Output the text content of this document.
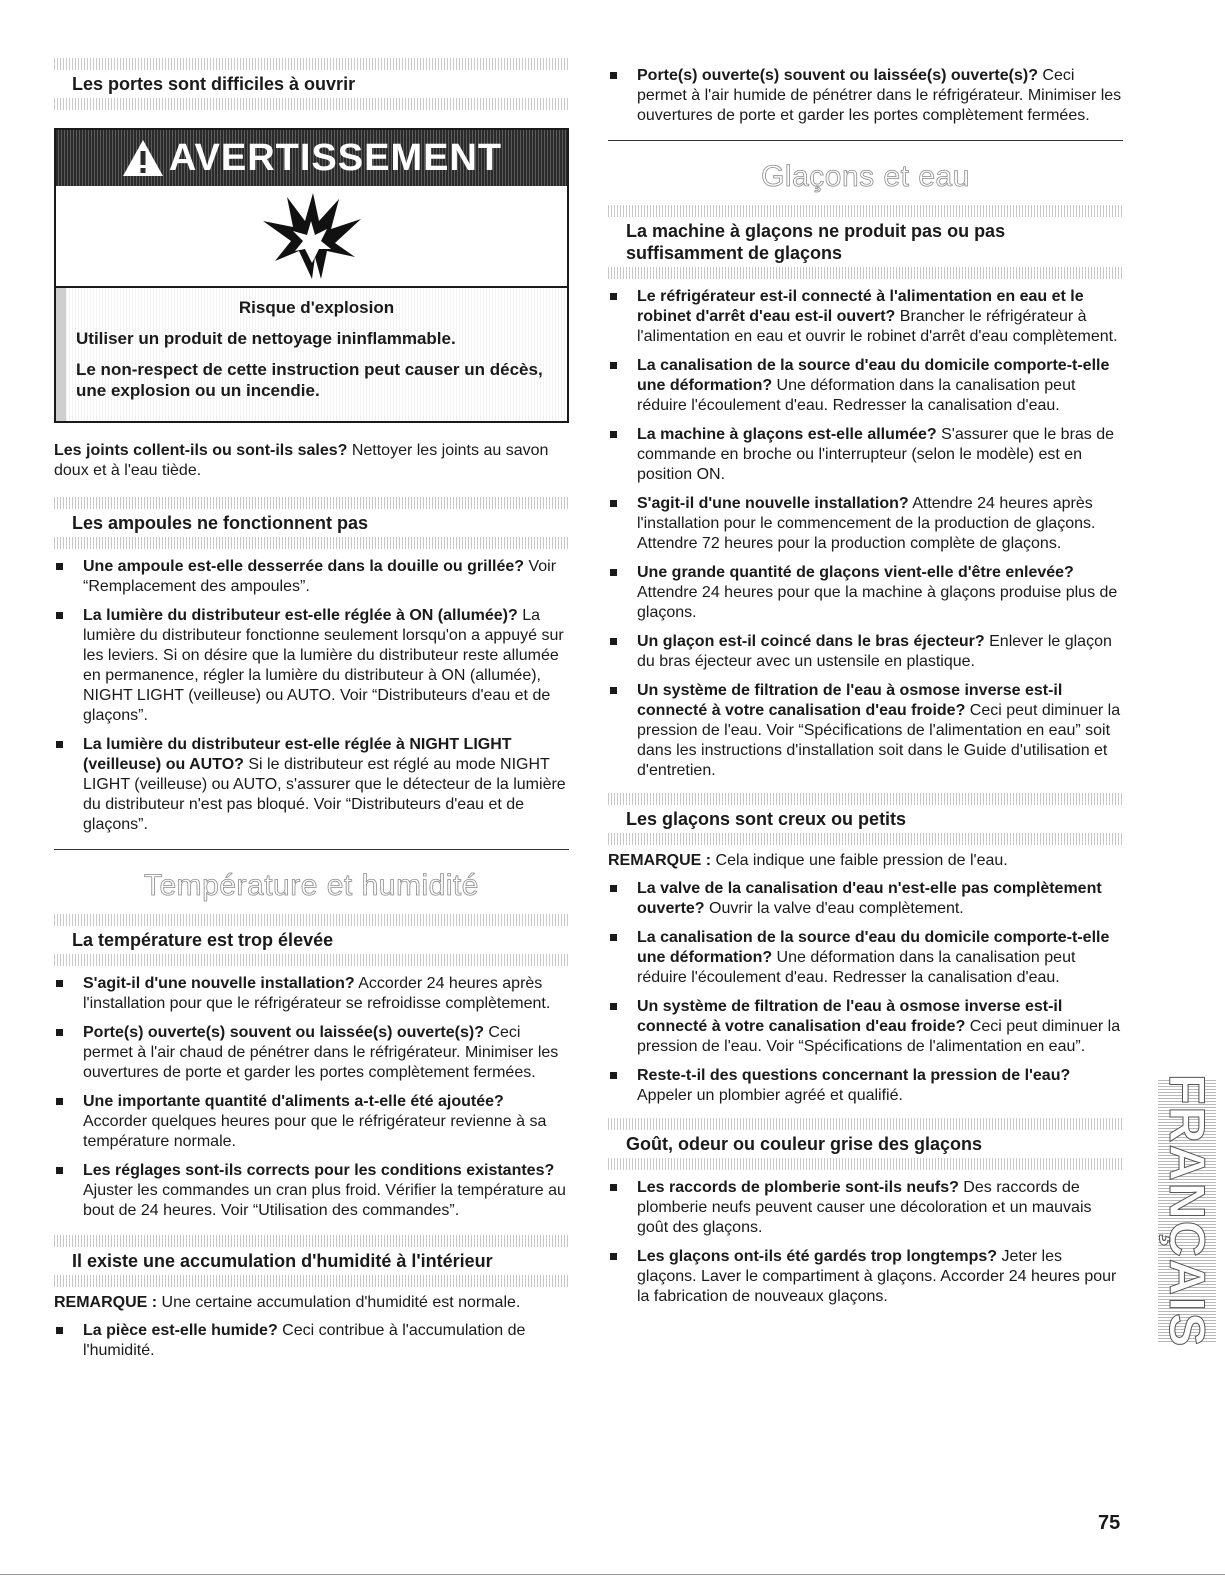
Les portes sont difficiles à ouvrir
AVERTISSEMENT
Risque d'explosion
Utiliser un produit de nettoyage ininflammable.
Le non-respect de cette instruction peut causer un décès, une explosion ou un incendie.
Les joints collent-ils ou sont-ils sales? Nettoyer les joints au savon doux et à l'eau tiède.
Les ampoules ne fonctionnent pas
Une ampoule est-elle desserrée dans la douille ou grillée? Voir “Remplacement des ampoules”.
La lumière du distributeur est-elle réglée à ON (allumée)? La lumière du distributeur fonctionne seulement lorsqu'on a appuyé sur les leviers. Si on désire que la lumière du distributeur reste allumée en permanence, régler la lumière du distributeur à ON (allumée), NIGHT LIGHT (veilleuse) ou AUTO. Voir “Distributeurs d'eau et de glaçons”.
La lumière du distributeur est-elle réglée à NIGHT LIGHT (veilleuse) ou AUTO? Si le distributeur est réglé au mode NIGHT LIGHT (veilleuse) ou AUTO, s'assurer que le détecteur de la lumière du distributeur n'est pas bloqué. Voir “Distributeurs d'eau et de glaçons”.
Température et humidité
La température est trop élevée
S'agit-il d'une nouvelle installation? Accorder 24 heures après l'installation pour que le réfrigérateur se refroidisse complètement.
Porte(s) ouverte(s) souvent ou laissée(s) ouverte(s)? Ceci permet à l'air chaud de pénétrer dans le réfrigérateur. Minimiser les ouvertures de porte et garder les portes complètement fermées.
Une importante quantité d'aliments a-t-elle été ajoutée? Accorder quelques heures pour que le réfrigérateur revienne à sa température normale.
Les réglages sont-ils corrects pour les conditions existantes? Ajuster les commandes un cran plus froid. Vérifier la température au bout de 24 heures. Voir “Utilisation des commandes”.
Il existe une accumulation d'humidité à l'intérieur
REMARQUE : Une certaine accumulation d'humidité est normale.
La pièce est-elle humide? Ceci contribue à l'accumulation de l'humidité.
Porte(s) ouverte(s) souvent ou laissée(s) ouverte(s)? Ceci permet à l'air humide de pénétrer dans le réfrigérateur. Minimiser les ouvertures de porte et garder les portes complètement fermées.
Glaçons et eau
La machine à glaçons ne produit pas ou pas suffisamment de glaçons
Le réfrigérateur est-il connecté à l'alimentation en eau et le robinet d'arrêt d'eau est-il ouvert? Brancher le réfrigérateur à l'alimentation en eau et ouvrir le robinet d'arrêt d'eau complètement.
La canalisation de la source d'eau du domicile comporte-t-elle une déformation? Une déformation dans la canalisation peut réduire l'écoulement d'eau. Redresser la canalisation d'eau.
La machine à glaçons est-elle allumée? S'assurer que le bras de commande en broche ou l'interrupteur (selon le modèle) est en position ON.
S'agit-il d'une nouvelle installation? Attendre 24 heures après l'installation pour le commencement de la production de glaçons. Attendre 72 heures pour la production complète de glaçons.
Une grande quantité de glaçons vient-elle d'être enlevée? Attendre 24 heures pour que la machine à glaçons produise plus de glaçons.
Un glaçon est-il coincé dans le bras éjecteur? Enlever le glaçon du bras éjecteur avec un ustensile en plastique.
Un système de filtration de l'eau à osmose inverse est-il connecté à votre canalisation d'eau froide? Ceci peut diminuer la pression de l'eau. Voir “Spécifications de l'alimentation en eau” soit dans les instructions d'installation soit dans le Guide d'utilisation et d'entretien.
Les glaçons sont creux ou petits
REMARQUE : Cela indique une faible pression de l'eau.
La valve de la canalisation d'eau n'est-elle pas complètement ouverte? Ouvrir la valve d'eau complètement.
La canalisation de la source d'eau du domicile comporte-t-elle une déformation? Une déformation dans la canalisation peut réduire l'écoulement d'eau. Redresser la canalisation d'eau.
Un système de filtration de l'eau à osmose inverse est-il connecté à votre canalisation d'eau froide? Ceci peut diminuer la pression de l'eau. Voir “Spécifications de l'alimentation en eau”.
Reste-t-il des questions concernant la pression de l'eau? Appeler un plombier agréé et qualifié.
Goût, odeur ou couleur grise des glaçons
Les raccords de plomberie sont-ils neufs? Des raccords de plomberie neufs peuvent causer une décoloration et un mauvais goût des glaçons.
Les glaçons ont-ils été gardés trop longtemps? Jeter les glaçons. Laver le compartiment à glaçons. Accorder 24 heures pour la fabrication de nouveaux glaçons.	FRANÇAIS
75
